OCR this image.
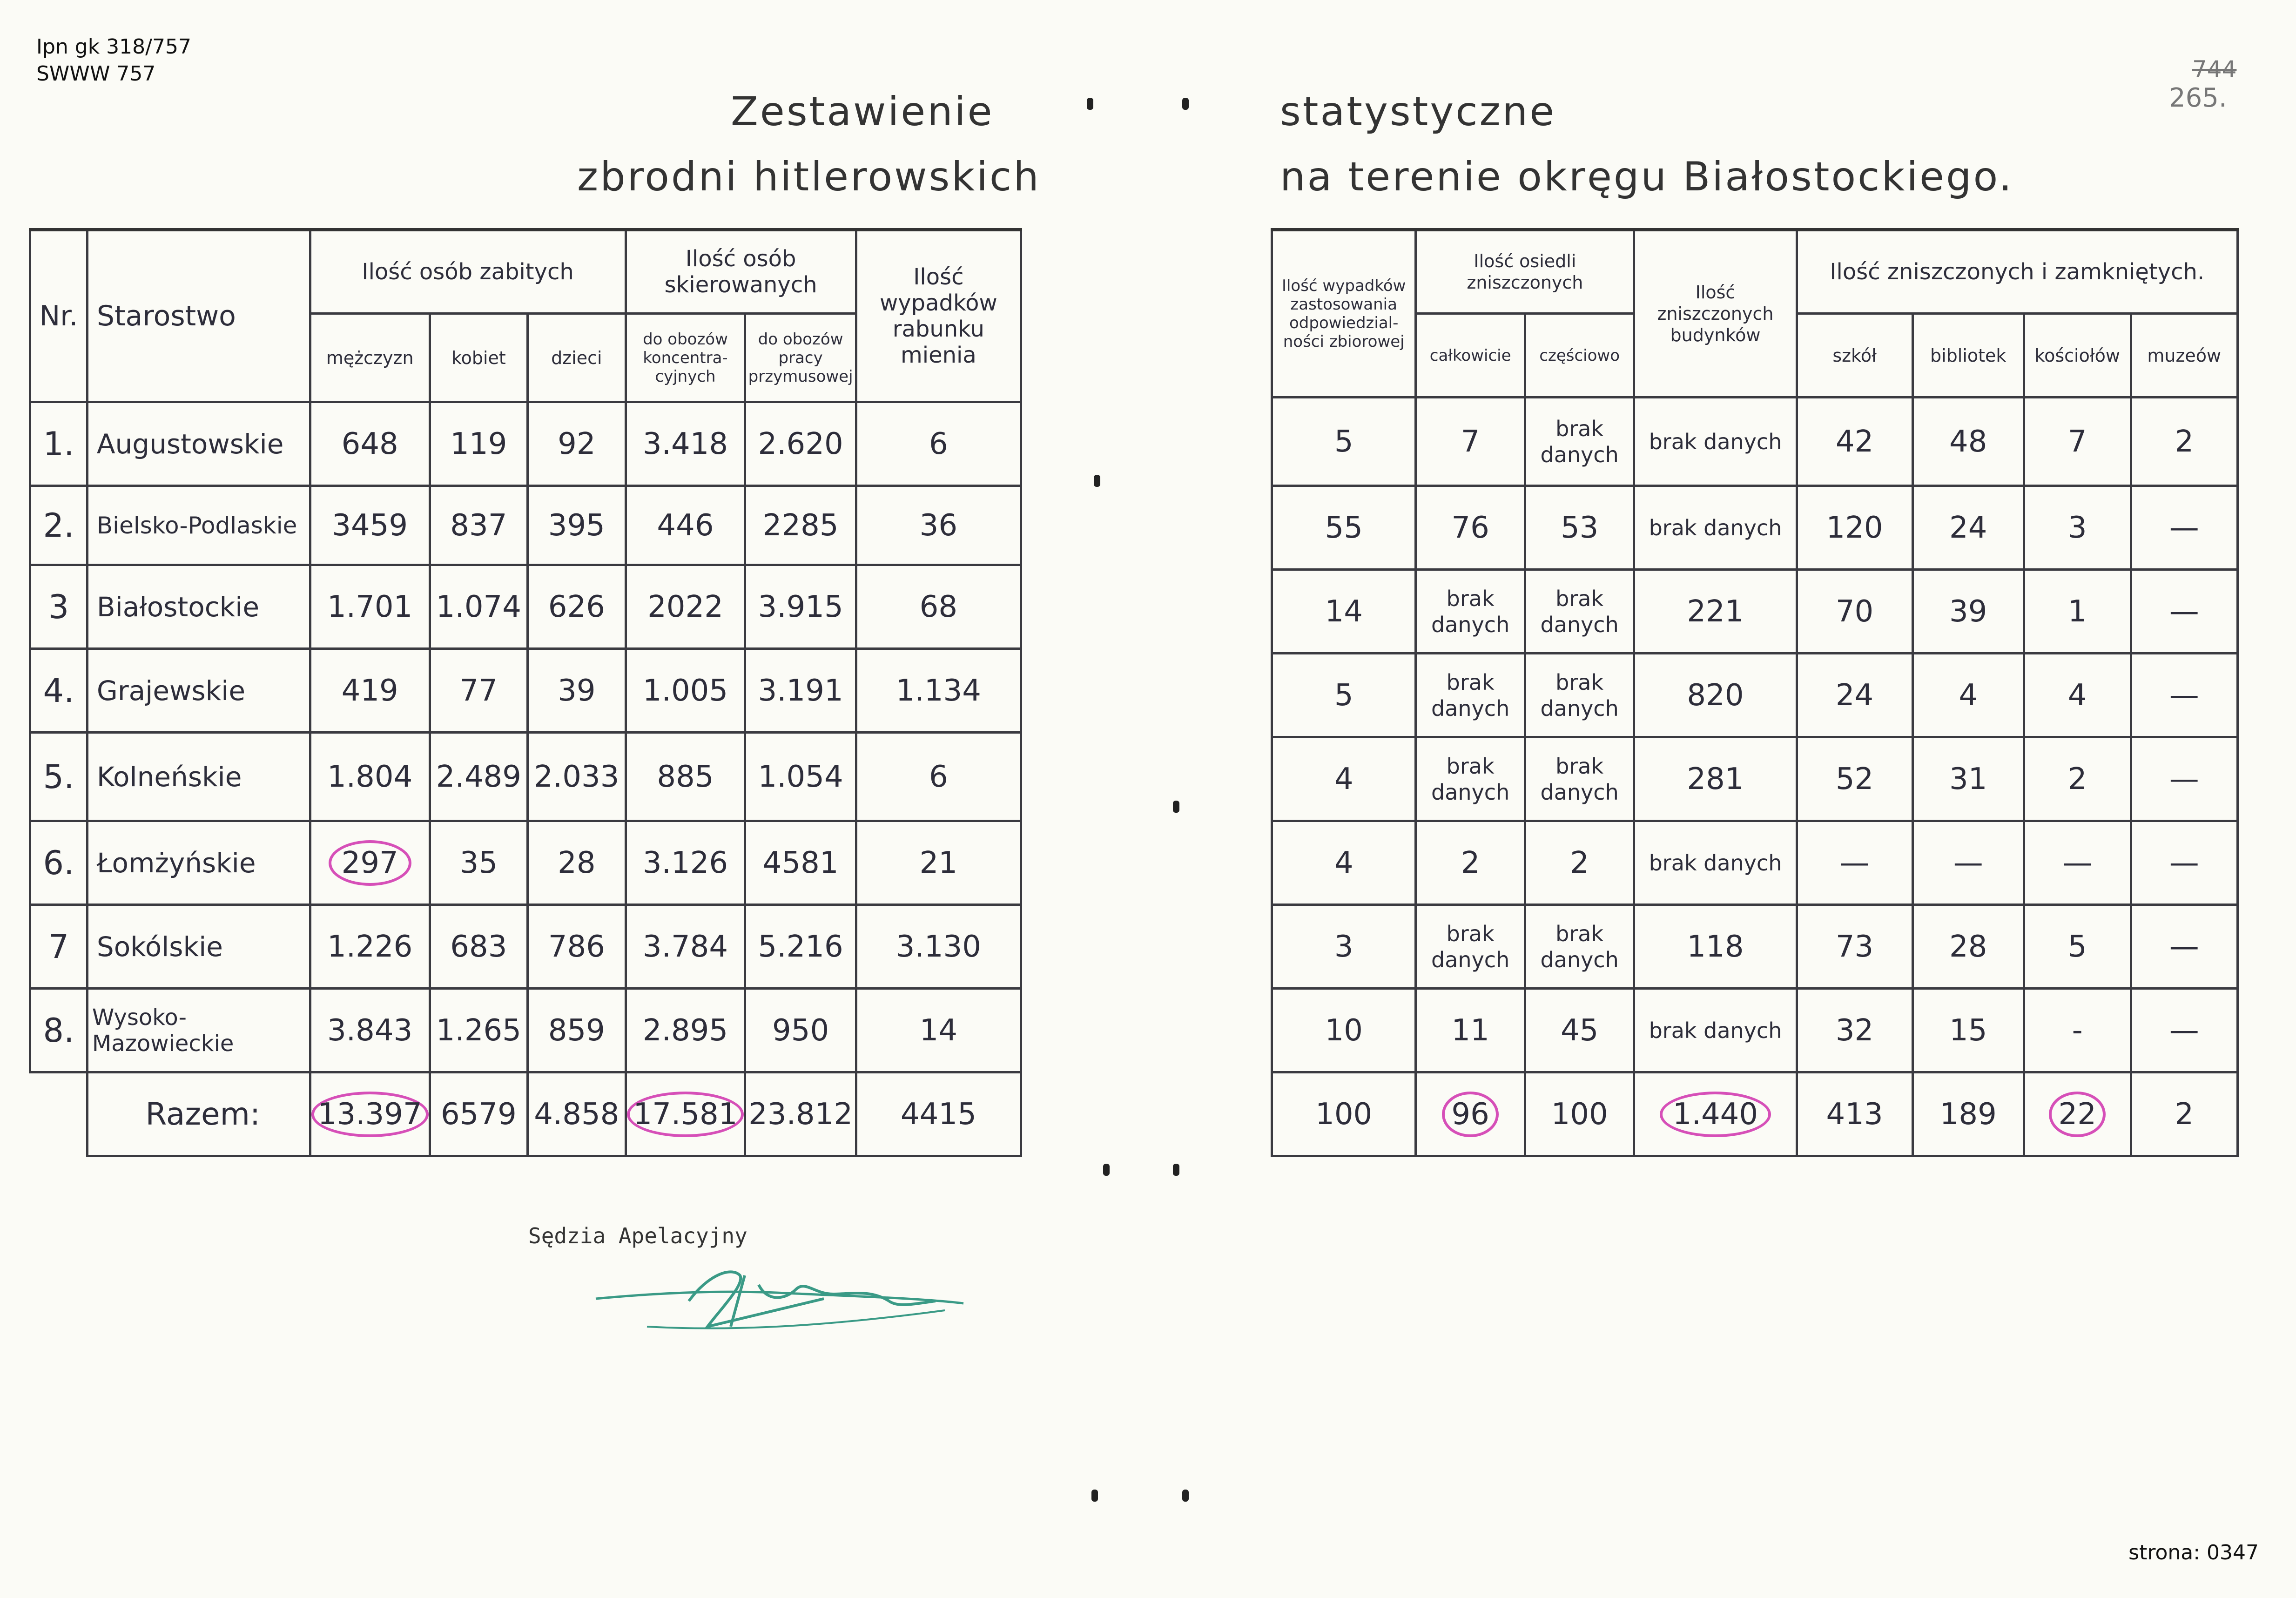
Ipn gk 318/757
SWWW 757	744
265.
Zestawienie
zbrodni hitlerowskich
statystyczne
na terenie okręgu Białostockiego.
Nr.	Starostwo	Ilość osób zabitych			Ilość osób skierowanych		Ilość wypadków rabunku mienia
		mężczyzn	kobiet	dzieci	do obozów koncentra-cyjnych	do obozów pracy przymusowej	
1.	Augustowskie	648	119	92	3.418	2.620	6
2.	Bielsko-Podlaskie	3459	837	395	446	2285	36
3	Białostockie	1.701	1.074	626	2022	3.915	68
4.	Grajewskie	419	77	39	1.005	3.191	1.134
5.	Kolneńskie	1.804	2.489	2.033	885	1.054	6
6.	Łomżyńskie	297	35	28	3.126	4581	21
7	Sokólskie	1.226	683	786	3.784	5.216	3.130
8.	Wysoko-Mazowieckie	3.843	1.265	859	2.895	950	14
	Razem:	13.397	6579	4.858	17.581	23.812	4415
Ilość wypadków zastosowania odpowiedzial-ności zbiorowej	Ilość osiedli zniszczonych		Ilość zniszczonych budynków	Ilość zniszczonych i zamkniętych.			
	całkowicie	częściowo		szkół	bibliotek	kościołów	muzeów
5	7	brak danych	brak danych	42	48	7	2
55	76	53	brak danych	120	24	3	—
14	brak danych	brak danych	221	70	39	1	—
5	brak danych	brak danych	820	24	4	4	—
4	brak danych	brak danych	281	52	31	2	—
4	2	2	brak danych	—	—	—	—
3	brak danych	brak danych	118	73	28	5	—
10	11	45	brak danych	32	15	-	—
100	96	100	1.440	413	189	22	2
Sędzia Apelacyjny
strona: 0347
